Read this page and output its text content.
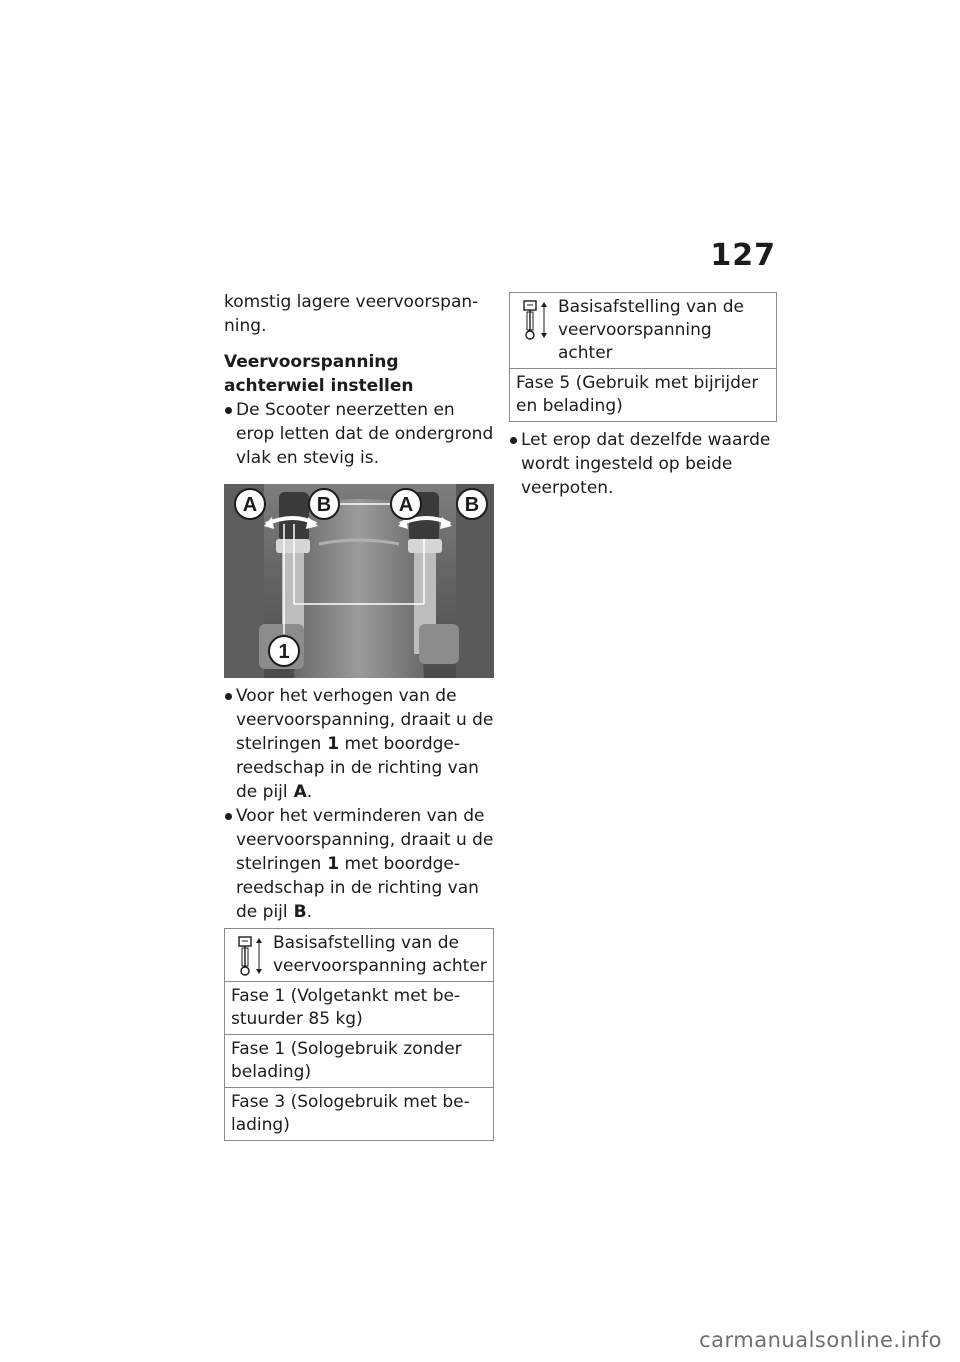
127

komstig lagere veervoorspan-ning.

Veervoorspanning achterwiel instellen

De Scooter neerzetten en erop letten dat de ondergrond vlak en stevig is.
A	B	A	B
1
Voor het verhogen van de veervoorspanning, draait u de stelringen 1 met boordge-reedschap in de richting van de pijl A.
Voor het verminderen van de veervoorspanning, draait u de stelringen 1 met boordge-reedschap in de richting van de pijl B.
Basisafstelling van de veervoorspanning achter

Fase 1 (Volgetankt met be-stuurder 85 kg)
Fase 1 (Sologebruik zonder belading)
Fase 3 (Sologebruik met be-lading)
Basisafstelling van de veervoorspanning achter

Fase 5 (Gebruik met bijrijder en belading)
Let erop dat dezelfde waarde wordt ingesteld op beide veerpoten.
carmanualsonline.info
